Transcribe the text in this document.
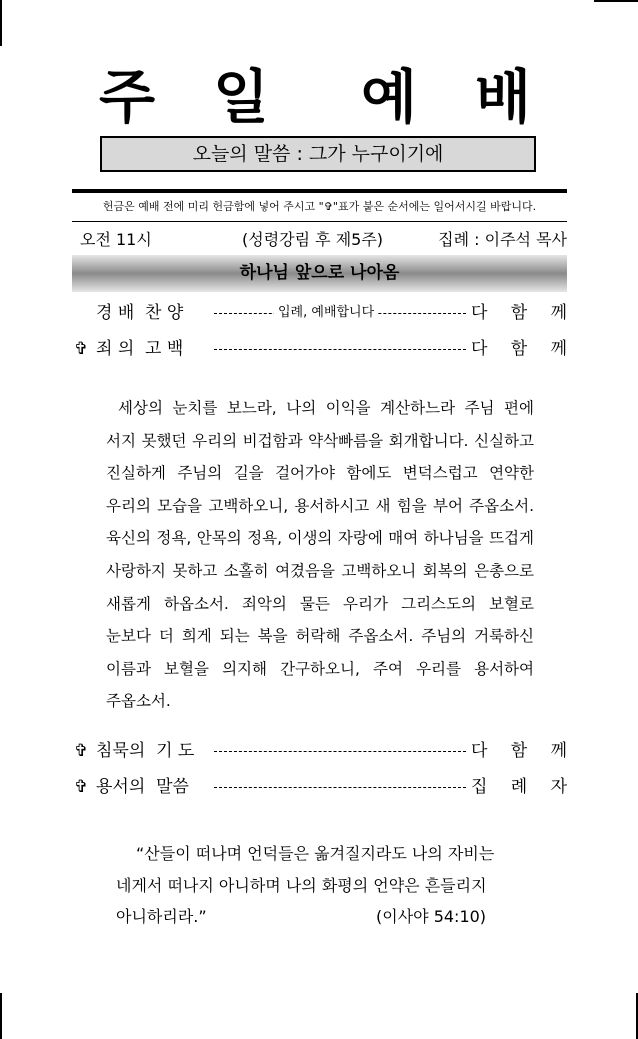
주 일 예 배
오늘의 말씀 : 그가 누구이기에
헌금은 예배 전에 미리 헌금함에 넣어 주시고 "✞"표가 붙은 순서에는 일어서시길 바랍니다.
오전 11시	(성령강림 후 제5주)	집례 : 이주석 목사
하나님 앞으로 나아옴
경 배  찬 양	입례, 예배합니다	다 함 께
✞ 죄 의  고 백	다 함 께
세상의 눈치를 보느라, 나의 이익을 계산하느라 주님 편에 서지 못했던 우리의 비겁함과 약삭빠름을 회개합니다. 신실하고 진실하게 주님의 길을 걸어가야 함에도 변덕스럽고 연약한 우리의 모습을 고백하오니, 용서하시고 새 힘을 부어 주옵소서. 육신의 정욕, 안목의 정욕, 이생의 자랑에 매여 하나님을 뜨겁게 사랑하지 못하고 소홀히 여겼음을 고백하오니 회복의 은총으로 새롭게 하옵소서. 죄악의 물든 우리가 그리스도의 보혈로 눈보다 더 희게 되는 복을 허락해 주옵소서. 주님의 거룩하신 이름과 보혈을 의지해 간구하오니, 주여 우리를 용서하여 주옵소서.
✞ 침묵의  기 도	다 함 께
✞ 용서의  말씀	집 례 자
“산들이 떠나며 언덕들은 옮겨질지라도 나의 자비는
네게서 떠나지 아니하며 나의 화평의 언약은 흔들리지
아니하리라.”	(이사야 54:10)
